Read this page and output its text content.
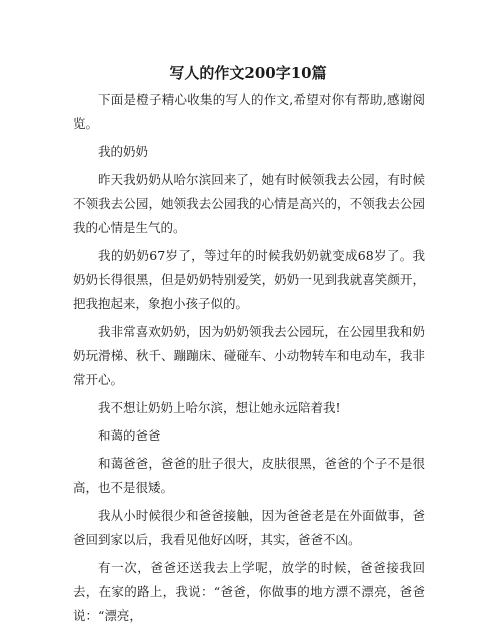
写人的作文200字10篇

下面是橙子精心收集的写人的作文,希望对你有帮助,感谢阅览。

我的奶奶

昨天我奶奶从哈尔滨回来了，她有时候领我去公园，有时候不领我去公园，她领我去公园我的心情是高兴的，不领我去公园我的心情是生气的。

我的奶奶67岁了，等过年的时候我奶奶就变成68岁了。我奶奶长得很黑，但是奶奶特别爱笑，奶奶一见到我就喜笑颜开，把我抱起来，象抱小孩子似的。

我非常喜欢奶奶，因为奶奶领我去公园玩，在公园里我和奶奶玩滑梯、秋千、蹦蹦床、碰碰车、小动物转车和电动车，我非常开心。

我不想让奶奶上哈尔滨，想让她永远陪着我!

和蔼的爸爸

和蔼爸爸，爸爸的肚子很大，皮肤很黑，爸爸的个子不是很高，也不是很矮。

我从小时候很少和爸爸接触，因为爸爸老是在外面做事，爸爸回到家以后，我看见他好凶呀，其实，爸爸不凶。

有一次，爸爸还送我去上学呢，放学的时候，爸爸接我回去，在家的路上，我说：“爸爸，你做事的地方漂不漂亮，爸爸说：“漂亮，
